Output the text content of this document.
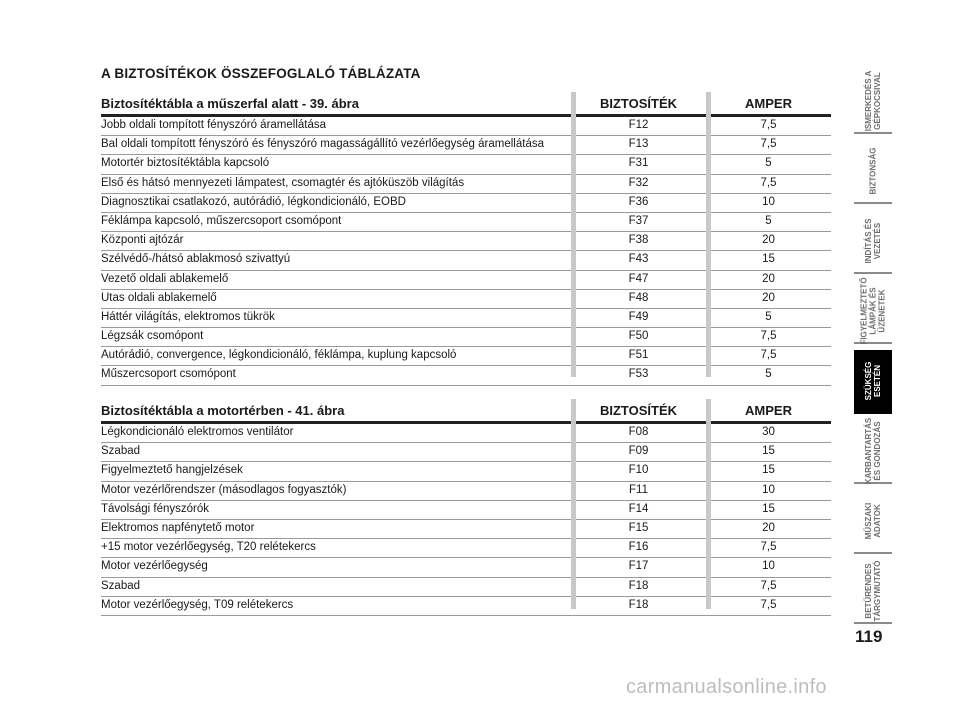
A BIZTOSÍTÉKOK ÖSSZEFOGLALÓ TÁBLÁZATA
Biztosítéktábla a műszerfal alatt - 39. ábra	BIZTOSÍTÉK	AMPER
Jobb oldali tompított fényszóró áramellátása	F12	7,5
Bal oldali tompított fényszóró és fényszóró magasságállító vezérlőegység áramellátása	F13	7,5
Motortér biztosítéktábla kapcsoló	F31	5
Első és hátsó mennyezeti lámpatest, csomagtér és ajtóküszöb világítás	F32	7,5
Diagnosztikai csatlakozó, autórádió, légkondicionáló, EOBD	F36	10
Féklámpa kapcsoló, műszercsoport csomópont	F37	5
Központi ajtózár	F38	20
Szélvédő-/hátsó ablakmosó szivattyú	F43	15
Vezető oldali ablakemelő	F47	20
Utas oldali ablakemelő	F48	20
Háttér világítás, elektromos tükrök	F49	5
Légzsák csomópont	F50	7,5
Autórádió, convergence, légkondicionáló, féklámpa, kuplung kapcsoló	F51	7,5
Műszercsoport csomópont	F53	5
Biztosítéktábla a motortérben - 41. ábra	BIZTOSÍTÉK	AMPER
Légkondicionáló elektromos ventilátor	F08	30
Szabad	F09	15
Figyelmeztető hangjelzések	F10	15
Motor vezérlőrendszer (másodlagos fogyasztók)	F11	10
Távolsági fényszórók	F14	15
Elektromos napfénytető motor	F15	20
+15 motor vezérlőegység, T20 relétekercs	F16	7,5
Motor vezérlőegység	F17	10
Szabad	F18	7,5
Motor vezérlőegység, T09 relétekercs	F18	7,5
ISMERKEDÉS A
GÉPKOCSIVAL
BIZTONSÁG

INDÍTÁS ÉS
VEZETÉS
FIGYELMEZTETŐ
LÁMPÁK ÉS
ÜZENETEK
SZÜKSÉG
ESETÉN
KARBANTARTÁS
ÉS GONDOZÁS
MŰSZAKI
ADATOK
BETŰRENDES
TÁRGYMUTATÓ
119
carmanualsonline.info
